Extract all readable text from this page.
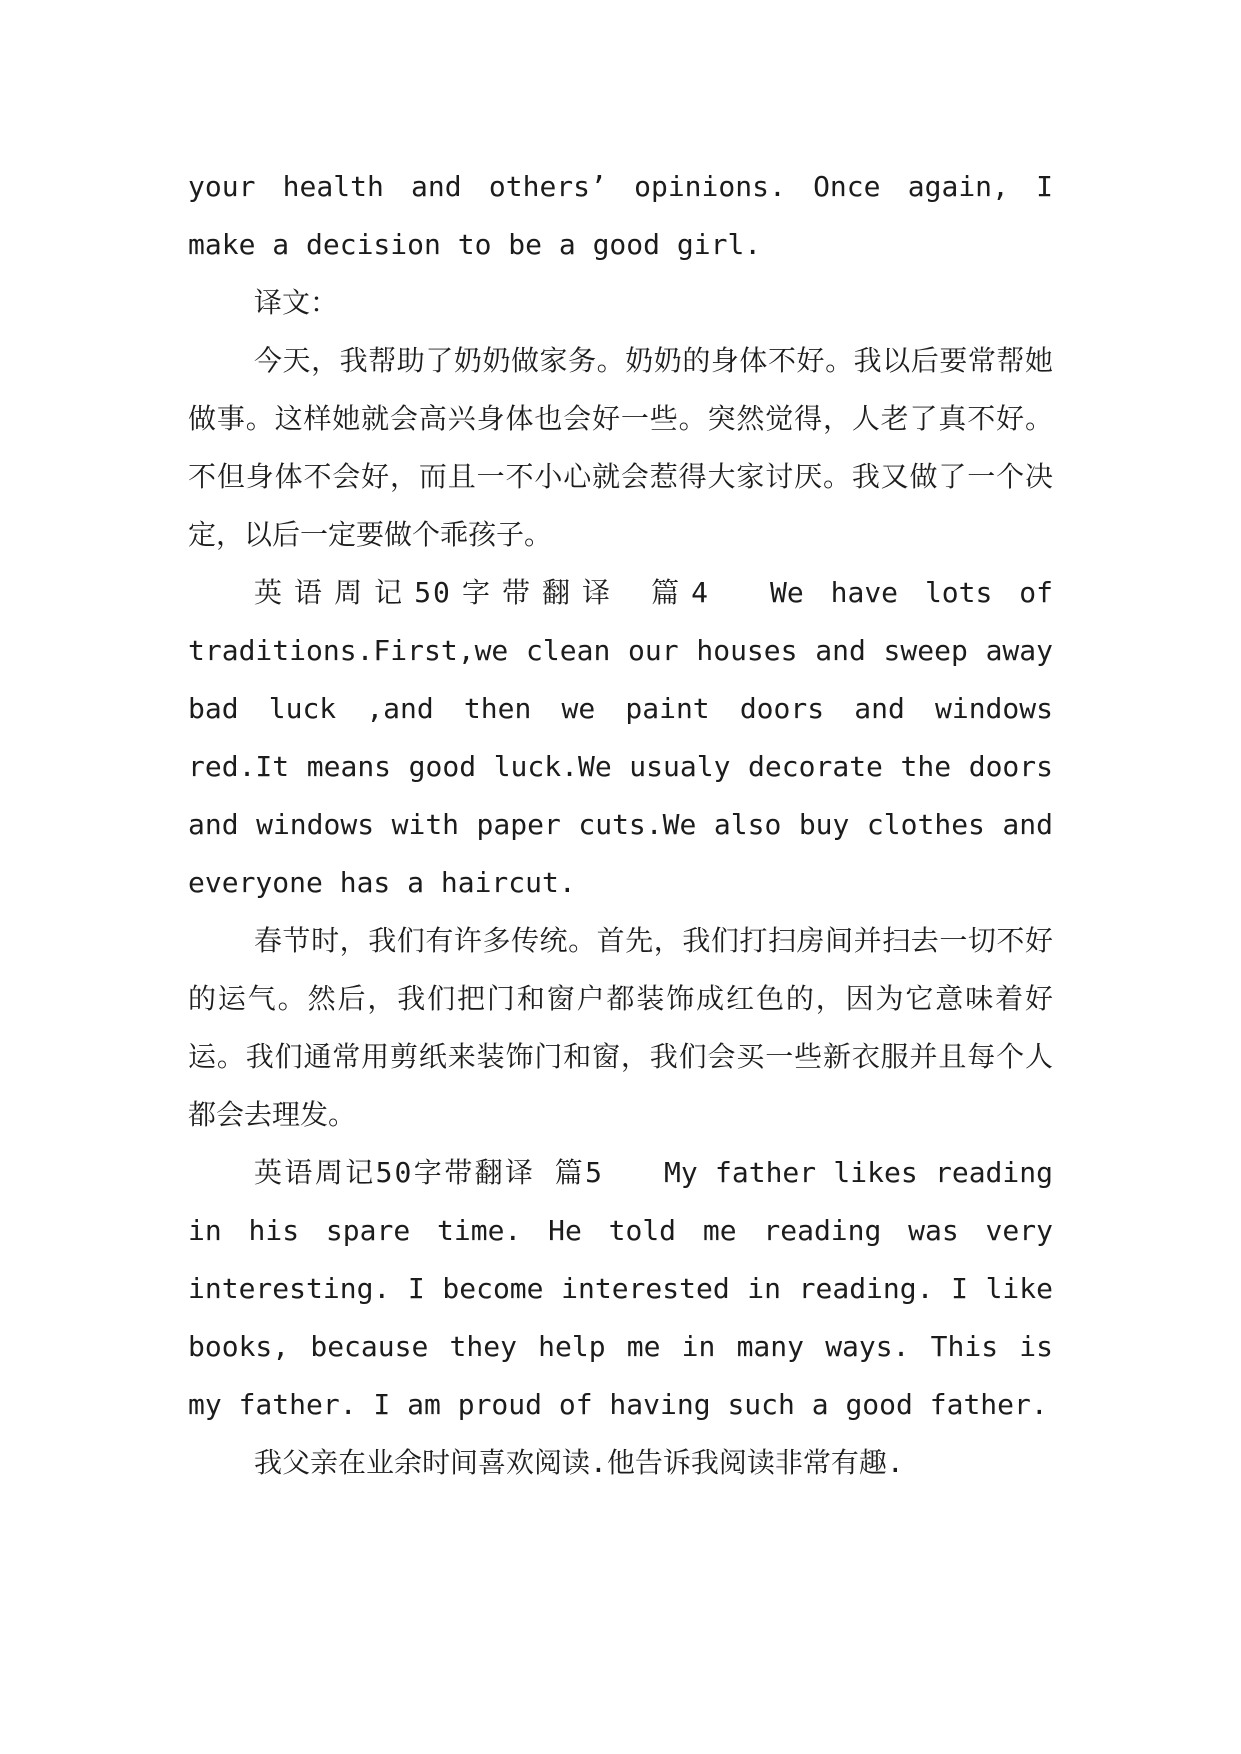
your health and others’ opinions. Once again, I make a decision to be a good girl.

译文：

今天，我帮助了奶奶做家务。奶奶的身体不好。我以后要常帮她做事。这样她就会高兴身体也会好一些。突然觉得，人老了真不好。不但身体不会好，而且一不小心就会惹得大家讨厌。我又做了一个决定，以后一定要做个乖孩子。

英语周记50字带翻译 篇4 We have lots of traditions.First,we clean our houses and sweep away bad luck ,and then we paint doors and windows red.It means good luck.We usualy decorate the doors and windows with paper cuts.We also buy clothes and everyone has a haircut.

春节时，我们有许多传统。首先，我们打扫房间并扫去一切不好的运气。然后，我们把门和窗户都装饰成红色的，因为它意味着好运。我们通常用剪纸来装饰门和窗，我们会买一些新衣服并且每个人都会去理发。

英语周记50字带翻译 篇5 My father likes reading in his spare time. He told me reading was very interesting. I become interested in reading. I like books, because they help me in many ways. This is my father. I am proud of having such a good father.

我父亲在业余时间喜欢阅读.他告诉我阅读非常有趣.
